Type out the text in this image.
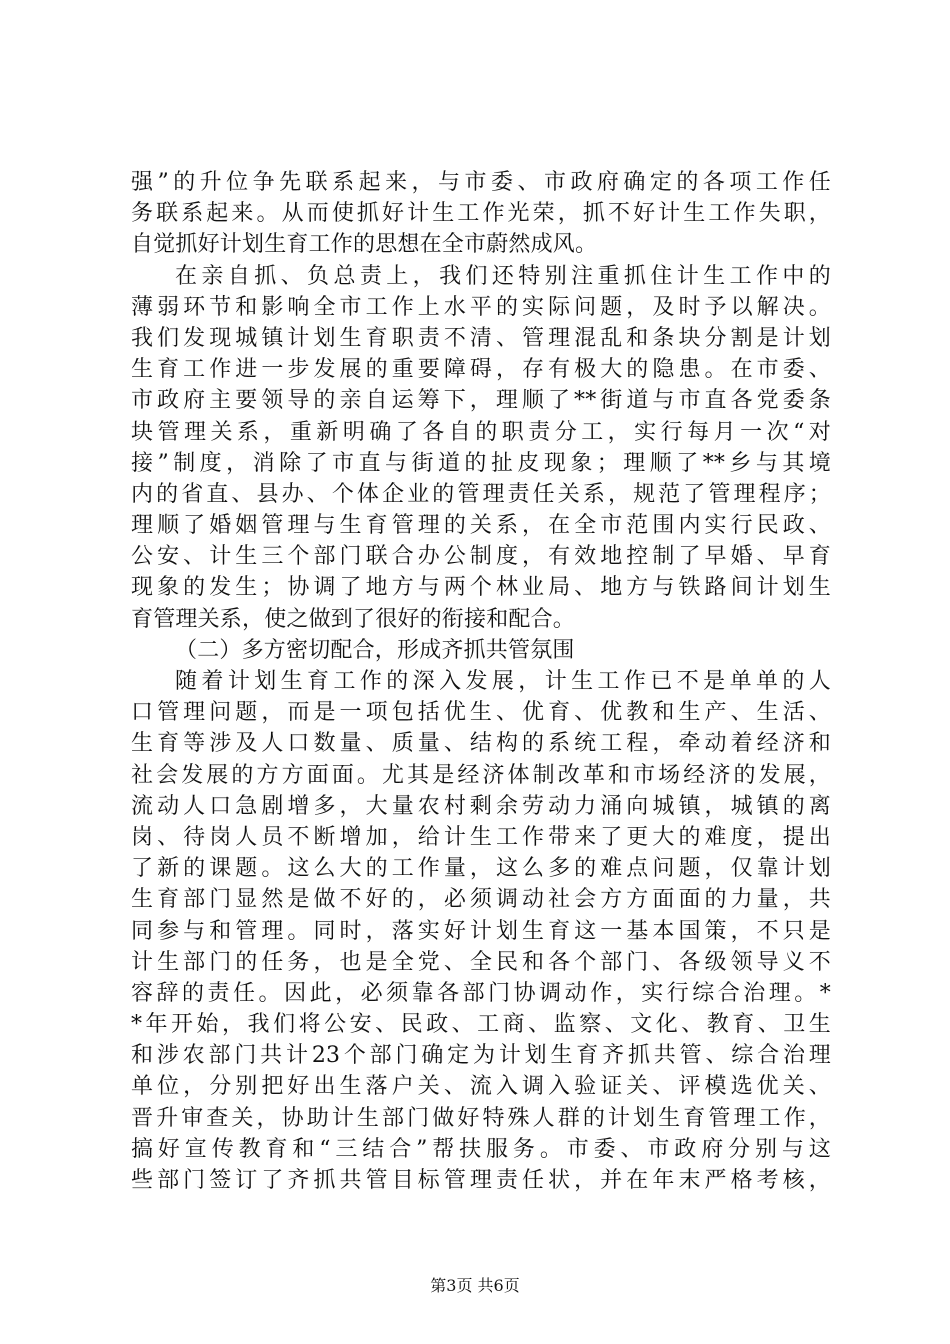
强”的升位争先联系起来，与市委、市政府确定的各项工作任
务联系起来。从而使抓好计生工作光荣，抓不好计生工作失职，
自觉抓好计划生育工作的思想在全市蔚然成风。
在亲自抓、负总责上，我们还特别注重抓住计生工作中的
薄弱环节和影响全市工作上水平的实际问题，及时予以解决。
我们发现城镇计划生育职责不清、管理混乱和条块分割是计划
生育工作进一步发展的重要障碍，存有极大的隐患。在市委、
市政府主要领导的亲自运筹下，理顺了**街道与市直各党委条
块管理关系，重新明确了各自的职责分工，实行每月一次“对
接”制度，消除了市直与街道的扯皮现象；理顺了**乡与其境
内的省直、县办、个体企业的管理责任关系，规范了管理程序；
理顺了婚姻管理与生育管理的关系，在全市范围内实行民政、
公安、计生三个部门联合办公制度，有效地控制了早婚、早育
现象的发生；协调了地方与两个林业局、地方与铁路间计划生
育管理关系，使之做到了很好的衔接和配合。
（二）多方密切配合，形成齐抓共管氛围
随着计划生育工作的深入发展，计生工作已不是单单的人
口管理问题，而是一项包括优生、优育、优教和生产、生活、
生育等涉及人口数量、质量、结构的系统工程，牵动着经济和
社会发展的方方面面。尤其是经济体制改革和市场经济的发展，
流动人口急剧增多，大量农村剩余劳动力涌向城镇，城镇的离
岗、待岗人员不断增加，给计生工作带来了更大的难度，提出
了新的课题。这么大的工作量，这么多的难点问题，仅靠计划
生育部门显然是做不好的，必须调动社会方方面面的力量，共
同参与和管理。同时，落实好计划生育这一基本国策，不只是
计生部门的任务，也是全党、全民和各个部门、各级领导义不
容辞的责任。因此，必须靠各部门协调动作，实行综合治理。*
*年开始，我们将公安、民政、工商、监察、文化、教育、卫生
和涉农部门共计23个部门确定为计划生育齐抓共管、综合治理
单位，分别把好出生落户关、流入调入验证关、评模选优关、
晋升审查关，协助计生部门做好特殊人群的计划生育管理工作，
搞好宣传教育和“三结合”帮扶服务。市委、市政府分别与这
些部门签订了齐抓共管目标管理责任状，并在年末严格考核，
第3页 共6页
